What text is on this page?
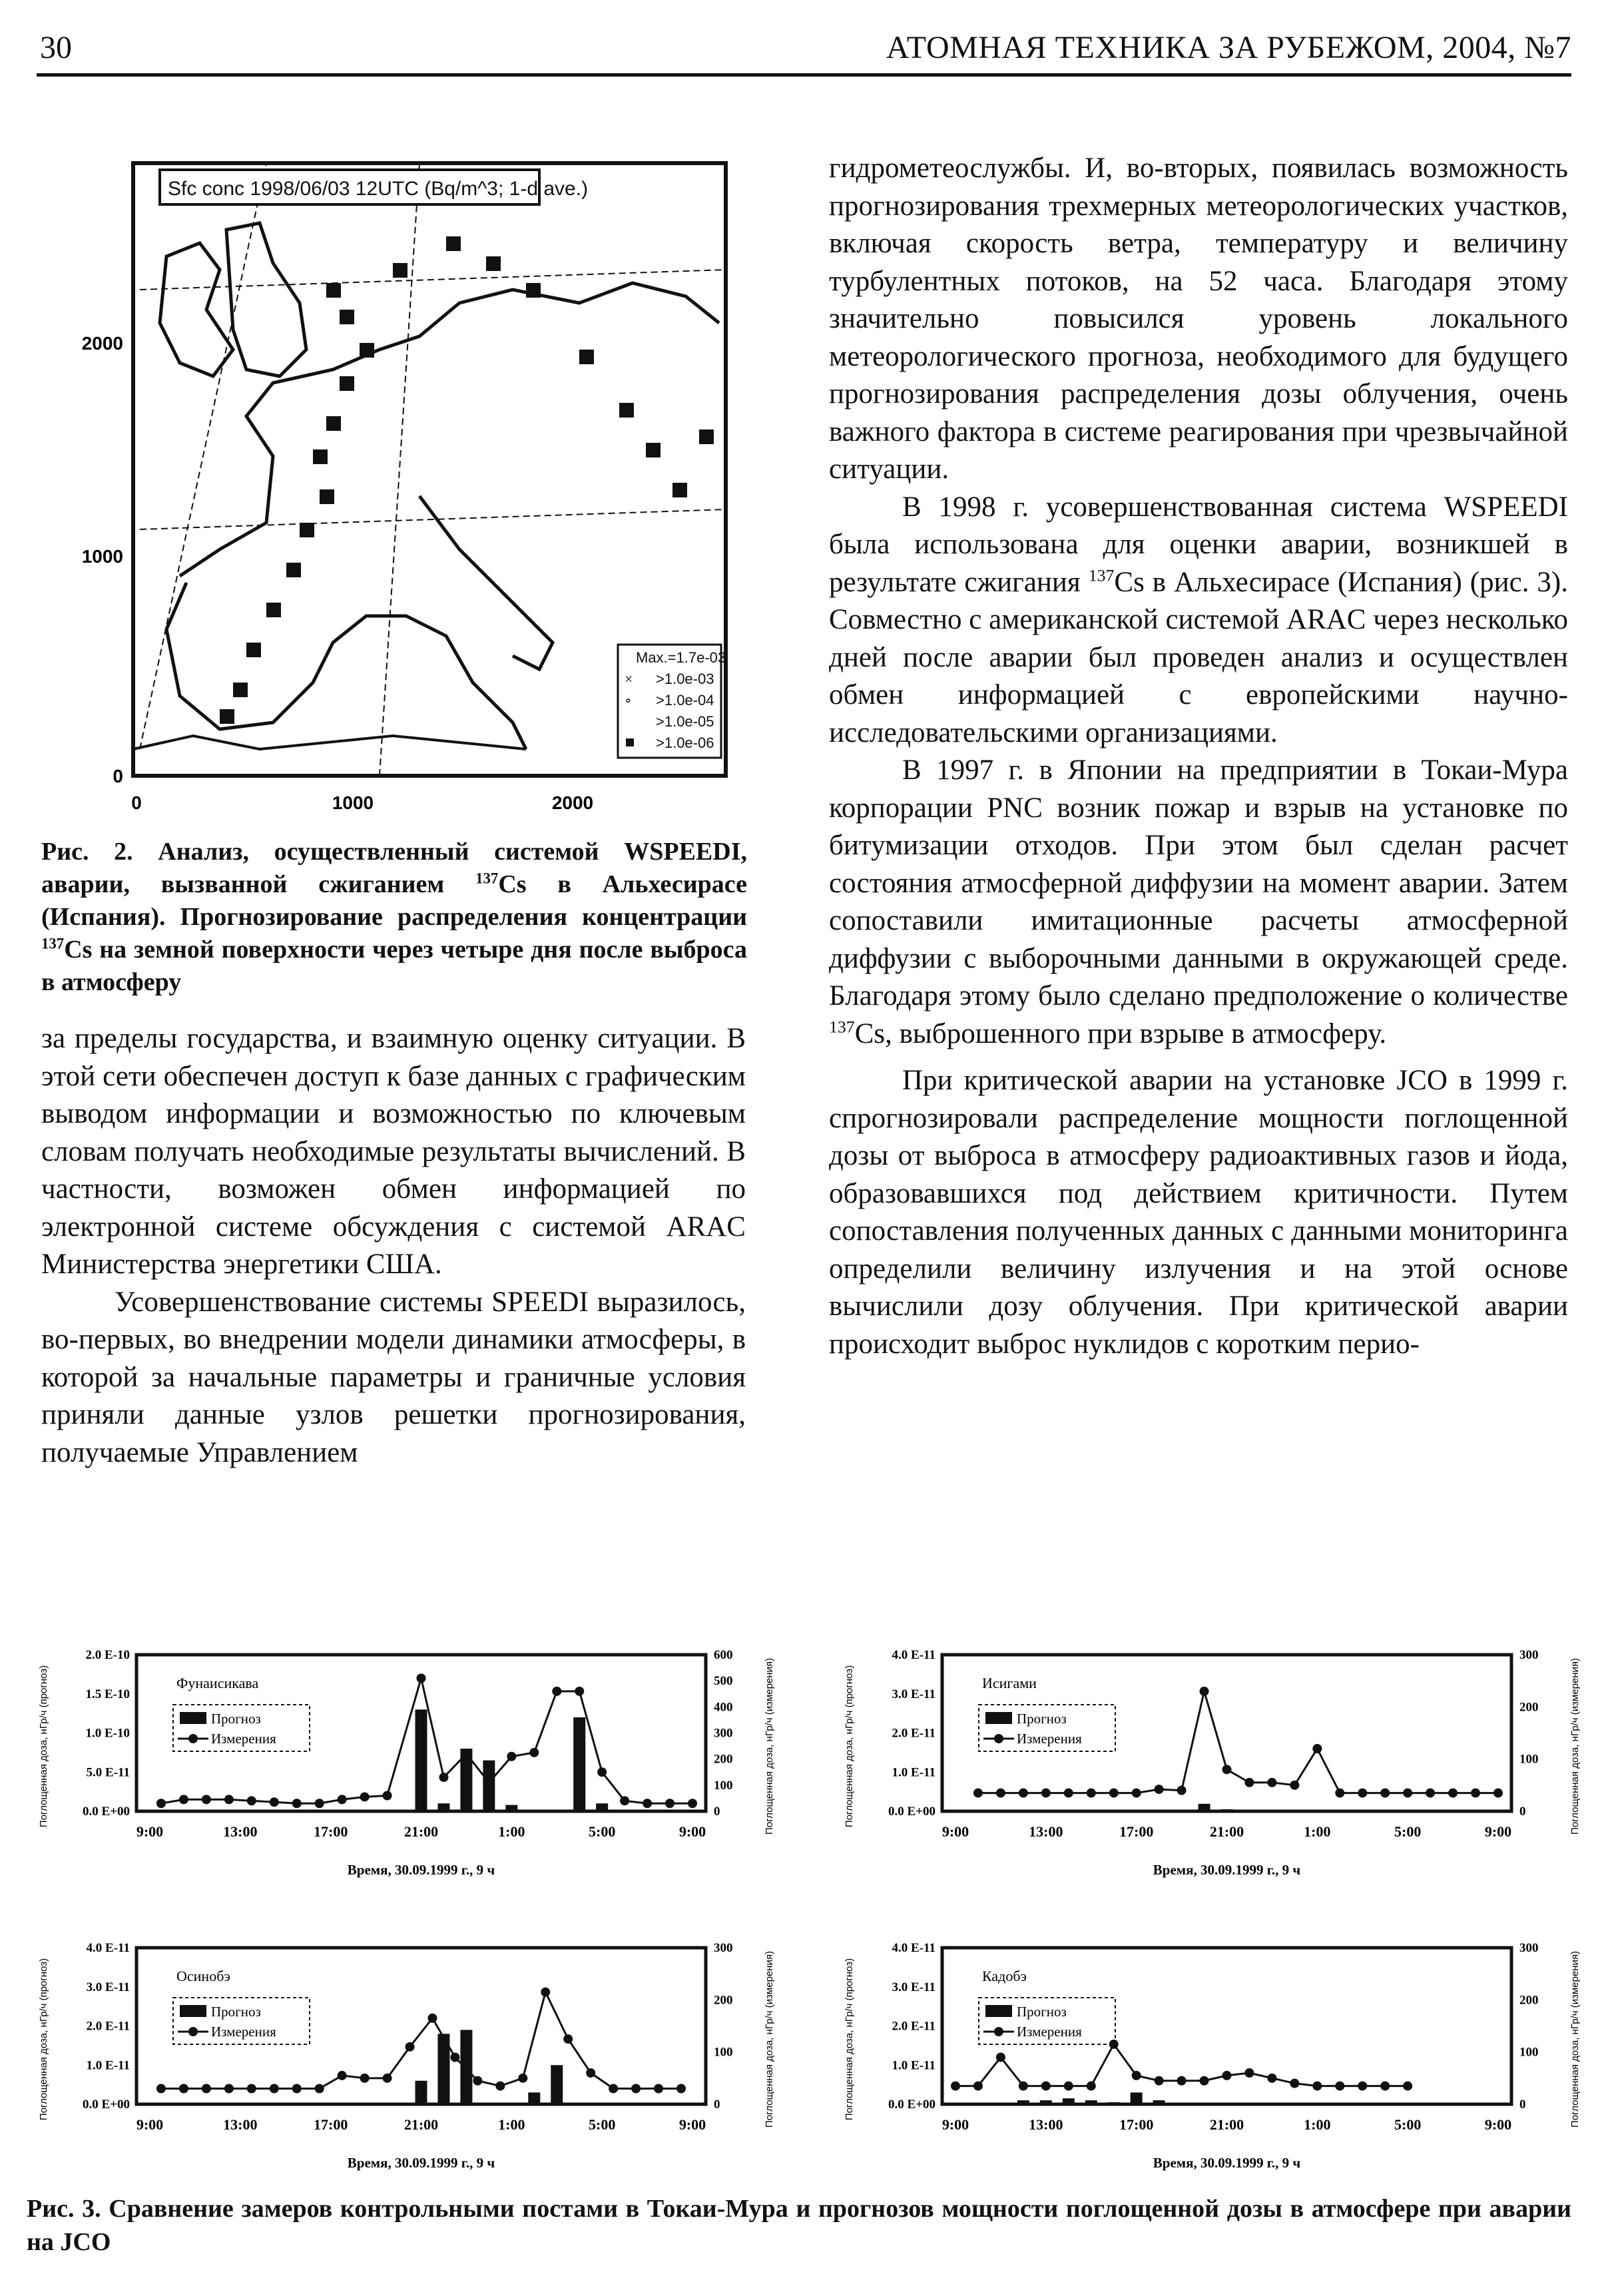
30	АТОМНАЯ ТЕХНИКА ЗА РУБЕЖОМ, 2004, №7
Sfc conc 1998/06/03 12UTC (Bq/m^3; 1-d ave.)
Max.=1.7e-03
× >1.0e-03
∘ >1.0e-04
>1.0e-05
>1.0e-06
0
1000
2000
0	1000	2000
Рис. 2. Анализ, осуществленный системой WSPEEDI, аварии, вызванной сжиганием $^{137}$Cs в Альхесирасе (Испания). Прогнозирование распределения концентрации $^{137}$Cs на земной поверхности через четыре дня после выброса в атмосферу

за пределы государства, и взаимную оценку ситуации. В этой сети обеспечен доступ к базе данных с графическим выводом информации и возможностью по ключевым словам получать необходимые результаты вычислений. В частности, возможен обмен информацией по электронной системе обсуждения с системой ARAC Министерства энергетики США.

Усовершенствование системы SPEEDI выразилось, во-первых, во внедрении модели динамики атмосферы, в которой за начальные параметры и граничные условия приняли данные узлов решетки прогнозирования, получаемые Управлением

гидрометеослужбы. И, во-вторых, появилась возможность прогнозирования трехмерных метеорологических участков, включая скорость ветра, температуру и величину турбулентных потоков, на 52 часа. Благодаря этому значительно повысился уровень локального метеорологического прогноза, необходимого для будущего прогнозирования распределения дозы облучения, очень важного фактора в системе реагирования при чрезвычайной ситуации.

В 1998 г. усовершенствованная система WSPEEDI была использована для оценки аварии, возникшей в результате сжигания $^{137}$Cs в Альхесирасе (Испания) (рис. 3). Совместно с американской системой ARAC через несколько дней после аварии был проведен анализ и осуществлен обмен информацией с европейскими научно-исследовательскими организациями.

В 1997 г. в Японии на предприятии в Токаи-Мура корпорации PNC возник пожар и взрыв на установке по битумизации отходов. При этом был сделан расчет состояния атмосферной диффузии на момент аварии. Затем сопоставили имитационные расчеты атмосферной диффузии с выборочными данными в окружающей среде. Благодаря этому было сделано предположение о количестве $^{137}$Cs, выброшенного при взрыве в атмосферу.

При критической аварии на установке JCO в 1999 г. спрогнозировали распределение мощности поглощенной дозы от выброса в атмосферу радиоактивных газов и йода, образовавшихся под действием критичности. Путем сопоставления полученных данных с данными мониторинга определили величину излучения и на этой основе вычислили дозу облучения. При критической аварии происходит выброс нуклидов с коротким перио-

0.0 E+00
5.0 E-11
1.0 E-10
1.5 E-10
2.0 E-10
0
100
200
300
400
500
600
9:00	13:00	17:00	21:00	1:00	5:00	9:00
Время, 30.09.1999 г., 9 ч
Поглощенная доза, нГр/ч (прогноз)	Поглощенная доза, нГр/ч (измерения)
Фунаисикава
Прогноз
Измерения
0.0 E+00
1.0 E-11
2.0 E-11
3.0 E-11
4.0 E-11
0
100
200
300
9:00	13:00	17:00	21:00	1:00	5:00	9:00
Время, 30.09.1999 г., 9 ч
Поглощенная доза, нГр/ч (прогноз)	Поглощенная доза, нГр/ч (измерения)
Исигами
Прогноз
Измерения
0.0 E+00
1.0 E-11
2.0 E-11
3.0 E-11
4.0 E-11
0
100
200
300
9:00	13:00	17:00	21:00	1:00	5:00	9:00
Время, 30.09.1999 г., 9 ч
Поглощенная доза, нГр/ч (прогноз)	Поглощенная доза, нГр/ч (измерения)
Осинобэ
Прогноз
Измерения
0.0 E+00
1.0 E-11
2.0 E-11
3.0 E-11
4.0 E-11
0
100
200
300
9:00	13:00	17:00	21:00	1:00	5:00	9:00
Время, 30.09.1999 г., 9 ч
Поглощенная доза, нГр/ч (прогноз)	Поглощенная доза, нГр/ч (измерения)
Кадобэ
Прогноз
Измерения
Рис. 3. Сравнение замеров контрольными постами в Токаи-Мура и прогнозов мощности поглощенной дозы в атмосфере при аварии на JCO
